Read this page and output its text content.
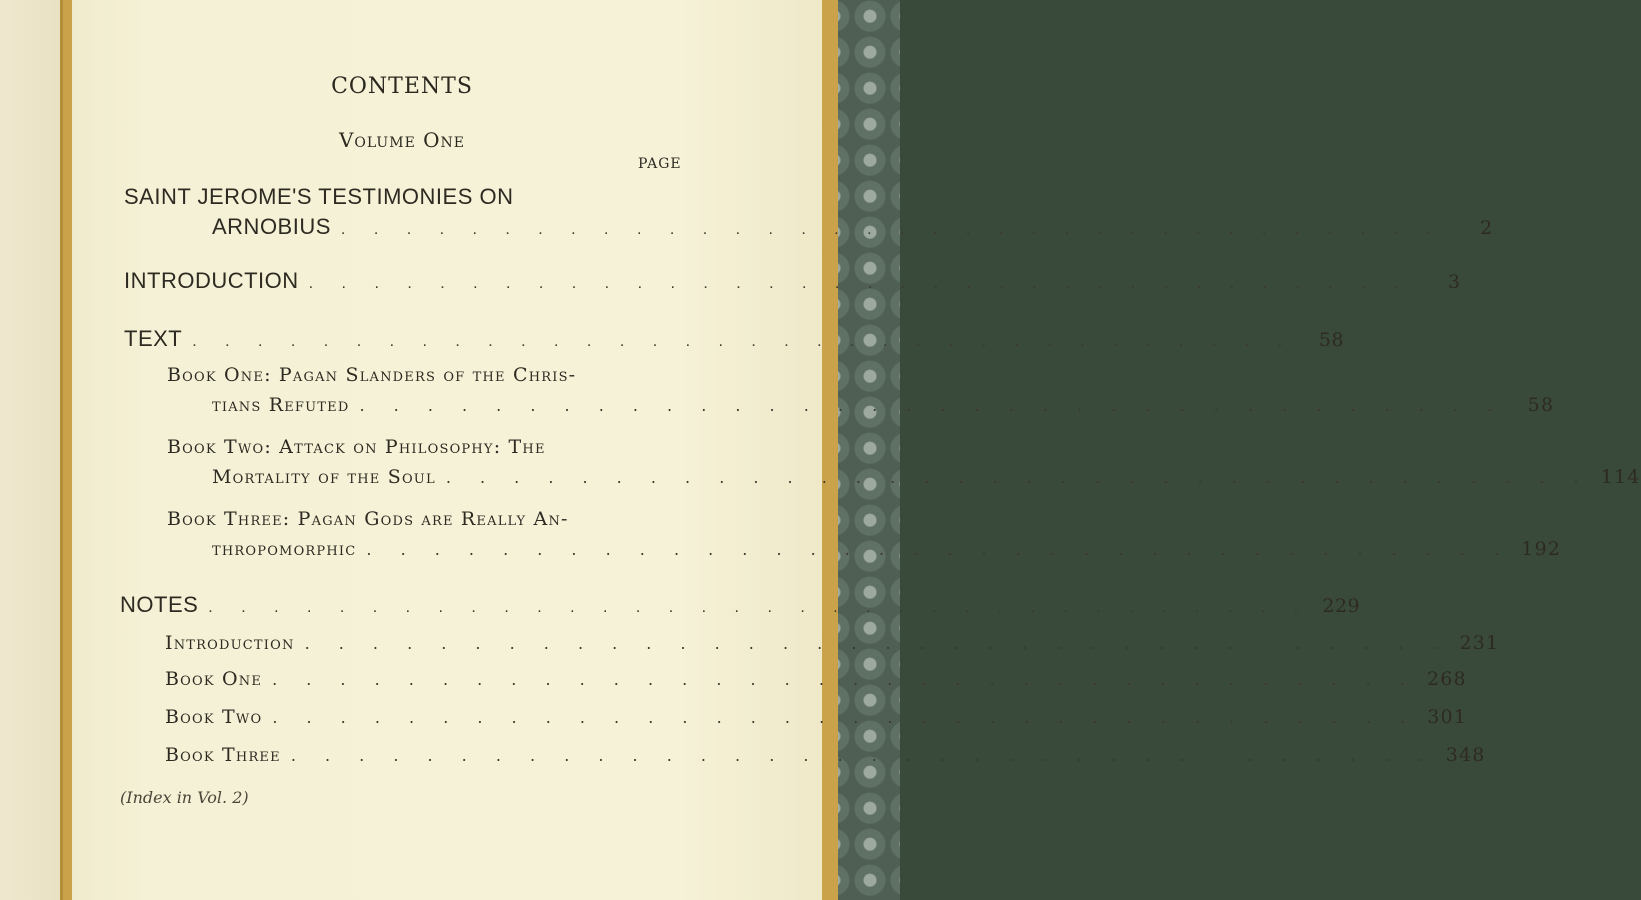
CONTENTS
Volume One
PAGE
SAINT JEROME'S TESTIMONIES ON
ARNOBIUS . . . . . . . . . . . . . . . . . . . . . . . . . . . . . . . . . .	2
INTRODUCTION . . . . . . . . . . . . . . . . . . . . . . . . . . . . . . . . . .	3
TEXT . . . . . . . . . . . . . . . . . . . . . . . . . . . . . . . . . .	58
Book One: Pagan Slanders of the Chris-
tians Refuted . . . . . . . . . . . . . . . . . . . . . . . . . . . . . . . . . .	58
Book Two: Attack on Philosophy: The
Mortality of the Soul . . . . . . . . . . . . . . . . . . . . . . . . . . . . . . . . . . 114
Book Three: Pagan Gods are Really An-
thropomorphic . . . . . . . . . . . . . . . . . . . . . . . . . . . . . . . . . . 192
NOTES . . . . . . . . . . . . . . . . . . . . . . . . . . . . . . . . . . 229
Introduction . . . . . . . . . . . . . . . . . . . . . . . . . . . . . . . . . . 231
Book One . . . . . . . . . . . . . . . . . . . . . . . . . . . . . . . . . . 268
Book Two . . . . . . . . . . . . . . . . . . . . . . . . . . . . . . . . . . 301
Book Three . . . . . . . . . . . . . . . . . . . . . . . . . . . . . . . . . . 348
(Index in Vol. 2)
